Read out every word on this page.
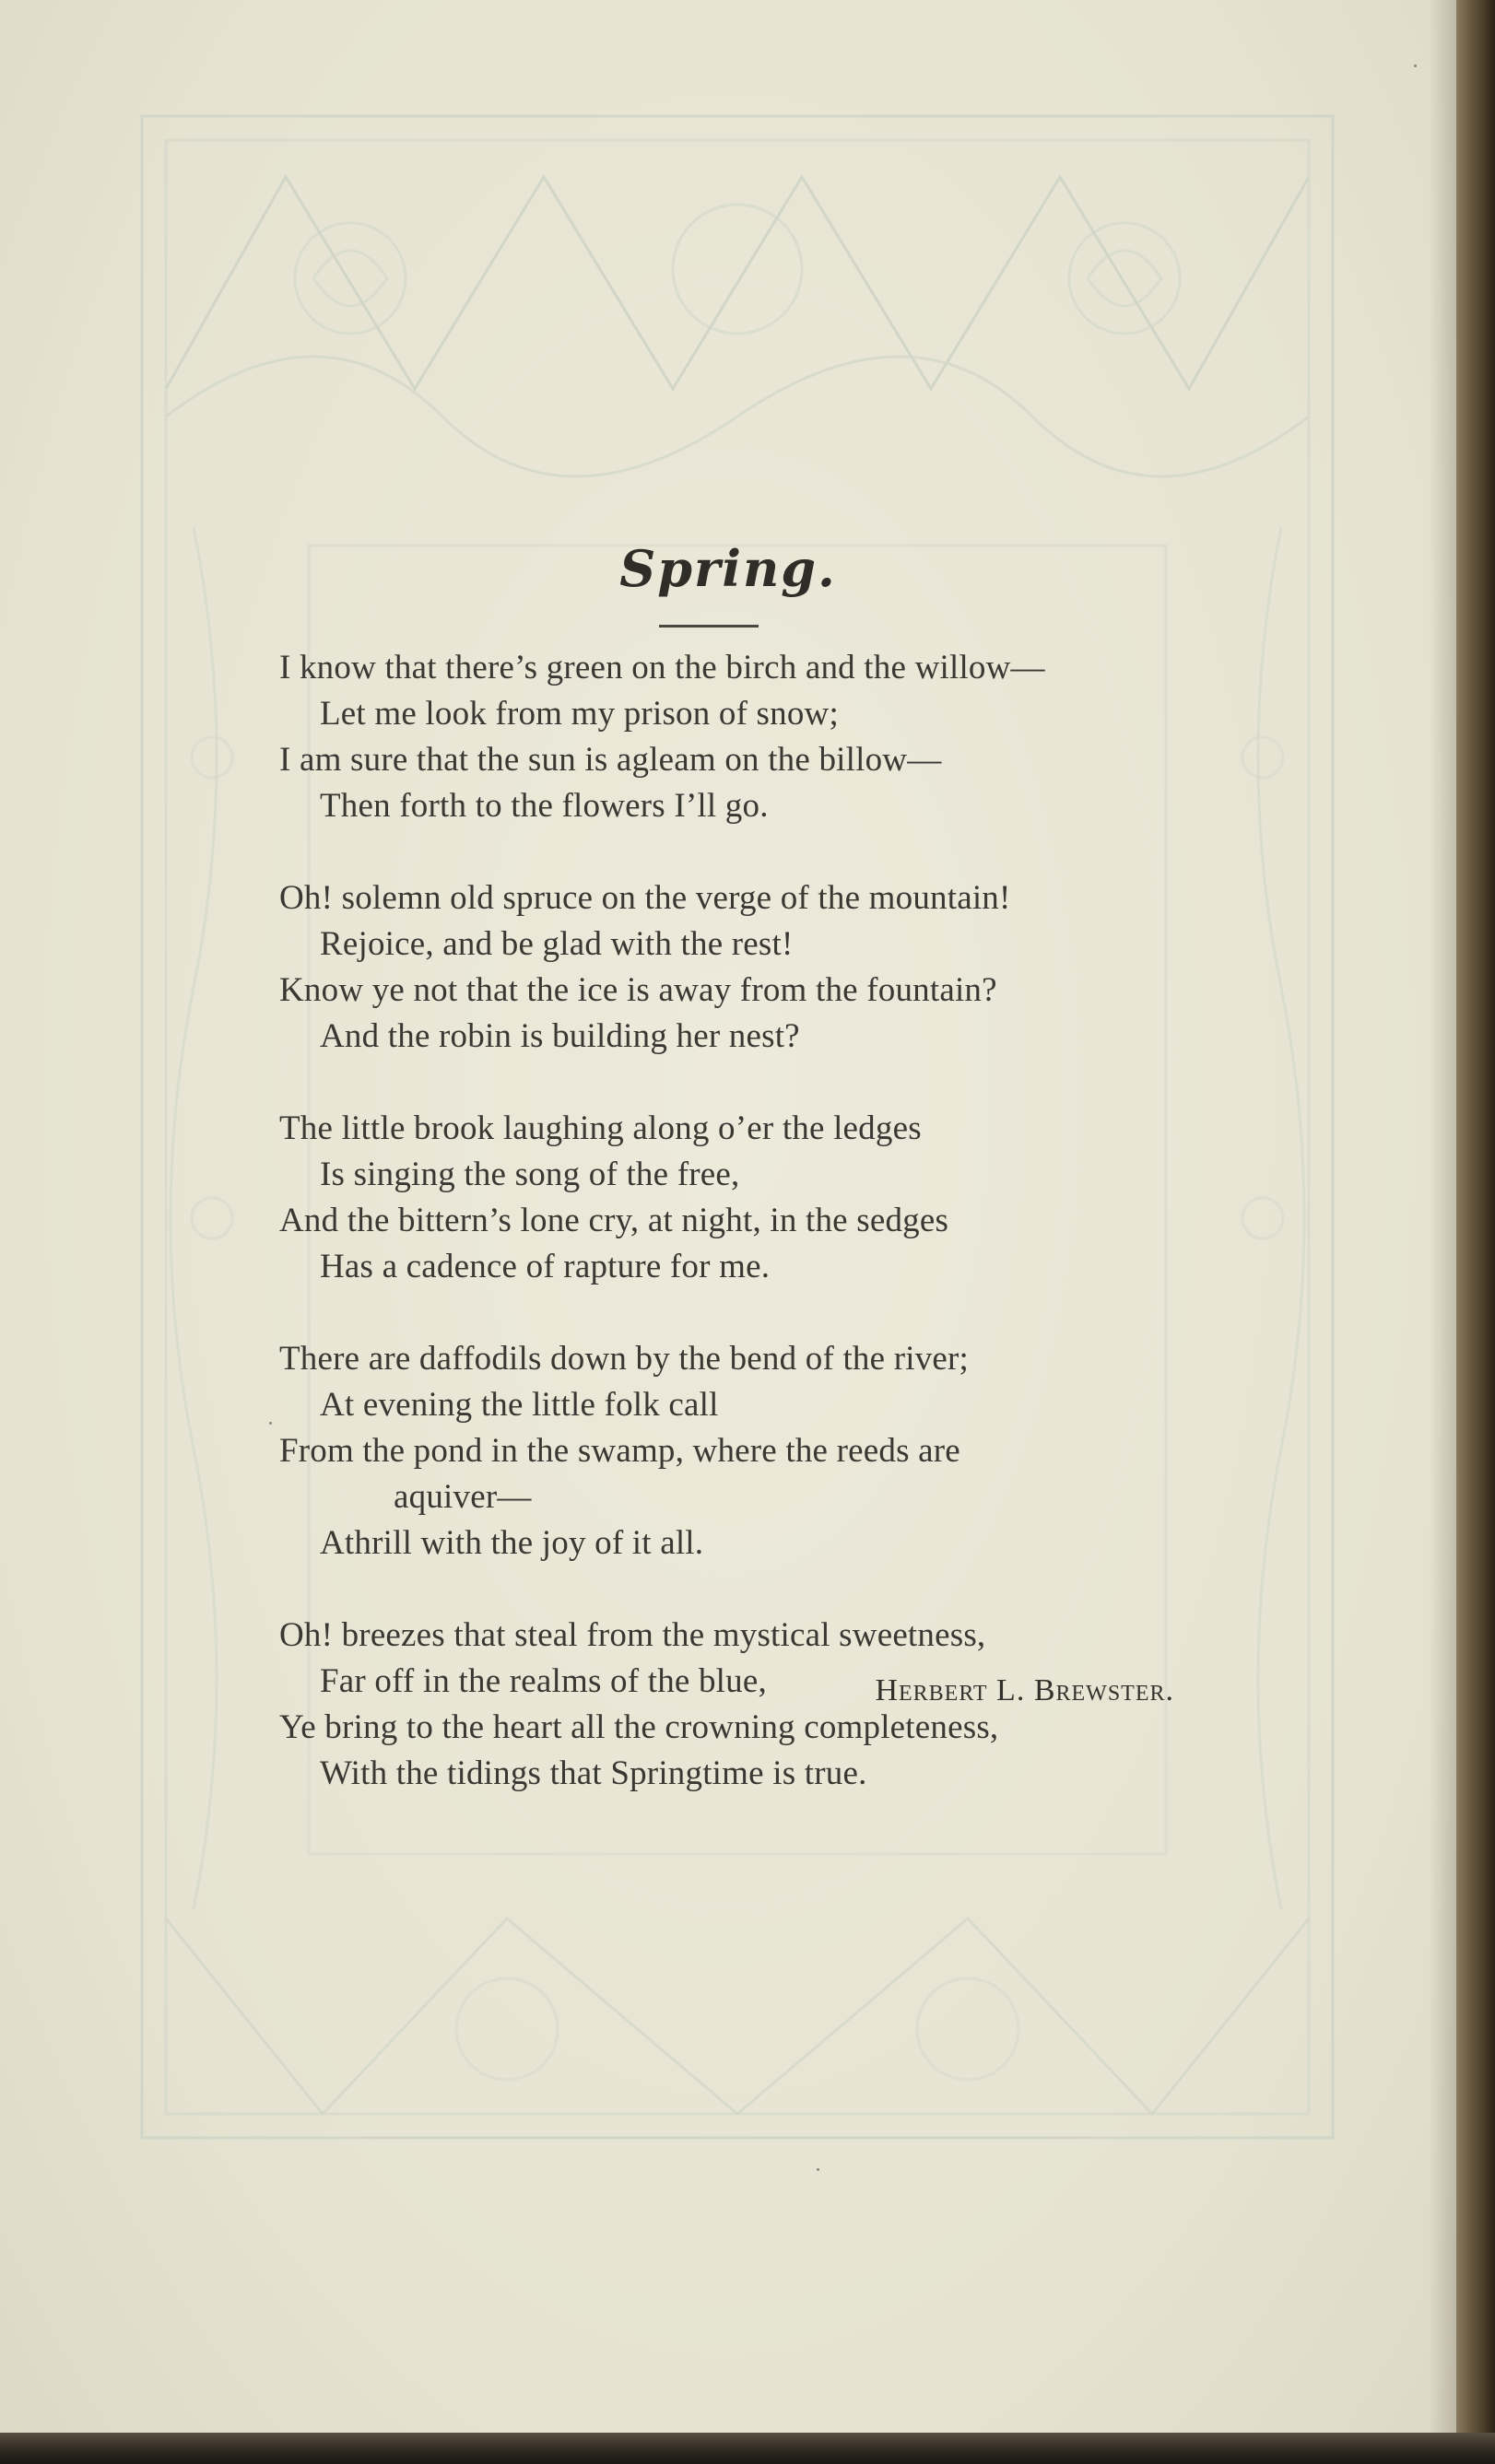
Spring.
I know that there’s green on the birch and the willow—
Let me look from my prison of snow;
I am sure that the sun is agleam on the billow—
Then forth to the flowers I’ll go.
Oh! solemn old spruce on the verge of the mountain!
Rejoice, and be glad with the rest!
Know ye not that the ice is away from the fountain?
And the robin is building her nest?
The little brook laughing along o’er the ledges
Is singing the song of the free,
And the bittern’s lone cry, at night, in the sedges
Has a cadence of rapture for me.
There are daffodils down by the bend of the river;
At evening the little folk call
From the pond in the swamp, where the reeds are
aquiver—
Athrill with the joy of it all.
Oh! breezes that steal from the mystical sweetness,
Far off in the realms of the blue,
Ye bring to the heart all the crowning completeness,
With the tidings that Springtime is true.
Herbert L. Brewster.
